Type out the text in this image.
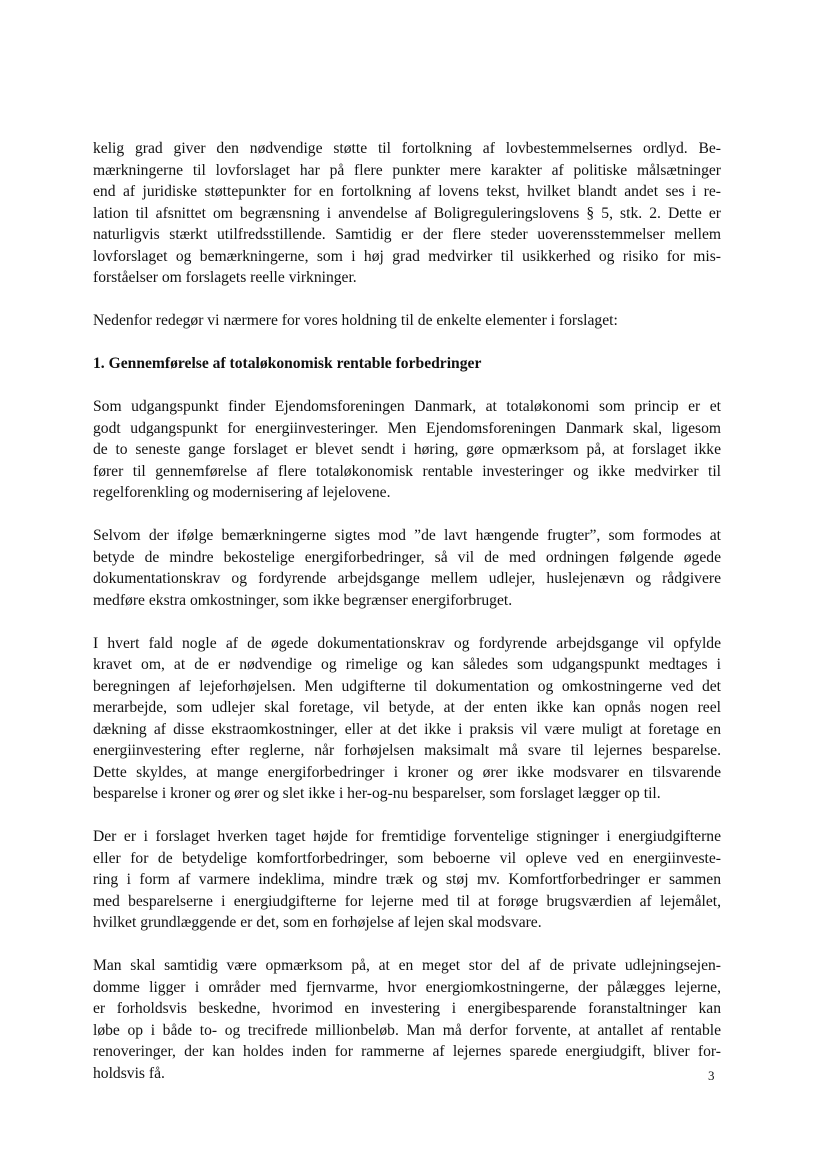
kelig grad giver den nødvendige støtte til fortolkning af lovbestemmelsernes ordlyd. Be-
mærkningerne til lovforslaget har på flere punkter mere karakter af politiske målsætninger
end af juridiske støttepunkter for en fortolkning af lovens tekst, hvilket blandt andet ses i re-
lation til afsnittet om begrænsning i anvendelse af Boligreguleringslovens § 5, stk. 2. Dette er
naturligvis stærkt utilfredsstillende. Samtidig er der flere steder uoverensstemmelser mellem
lovforslaget og bemærkningerne, som i høj grad medvirker til usikkerhed og risiko for mis-
forståelser om forslagets reelle virkninger.
Nedenfor redegør vi nærmere for vores holdning til de enkelte elementer i forslaget:
1. Gennemførelse af totaløkonomisk rentable forbedringer
Som udgangspunkt finder Ejendomsforeningen Danmark, at totaløkonomi som princip er et
godt udgangspunkt for energiinvesteringer. Men Ejendomsforeningen Danmark skal, ligesom
de to seneste gange forslaget er blevet sendt i høring, gøre opmærksom på, at forslaget ikke
fører til gennemførelse af flere totaløkonomisk rentable investeringer og ikke medvirker til
regelforenkling og modernisering af lejelovene.
Selvom der ifølge bemærkningerne sigtes mod ”de lavt hængende frugter”, som formodes at
betyde de mindre bekostelige energiforbedringer, så vil de med ordningen følgende øgede
dokumentationskrav og fordyrende arbejdsgange mellem udlejer, huslejenævn og rådgivere
medføre ekstra omkostninger, som ikke begrænser energiforbruget.
I hvert fald nogle af de øgede dokumentationskrav og fordyrende arbejdsgange vil opfylde
kravet om, at de er nødvendige og rimelige og kan således som udgangspunkt medtages i
beregningen af lejeforhøjelsen. Men udgifterne til dokumentation og omkostningerne ved det
merarbejde, som udlejer skal foretage, vil betyde, at der enten ikke kan opnås nogen reel
dækning af disse ekstraomkostninger, eller at det ikke i praksis vil være muligt at foretage en
energiinvestering efter reglerne, når forhøjelsen maksimalt må svare til lejernes besparelse.
Dette skyldes, at mange energiforbedringer i kroner og ører ikke modsvarer en tilsvarende
besparelse i kroner og ører og slet ikke i her-og-nu besparelser, som forslaget lægger op til.
Der er i forslaget hverken taget højde for fremtidige forventelige stigninger i energiudgifterne
eller for de betydelige komfortforbedringer, som beboerne vil opleve ved en energiinveste-
ring i form af varmere indeklima, mindre træk og støj mv. Komfortforbedringer er sammen
med besparelserne i energiudgifterne for lejerne med til at forøge brugsværdien af lejemålet,
hvilket grundlæggende er det, som en forhøjelse af lejen skal modsvare.
Man skal samtidig være opmærksom på, at en meget stor del af de private udlejningsejen-
domme ligger i områder med fjernvarme, hvor energiomkostningerne, der pålægges lejerne,
er forholdsvis beskedne, hvorimod en investering i energibesparende foranstaltninger kan
løbe op i både to- og trecifrede millionbeløb. Man må derfor forvente, at antallet af rentable
renoveringer, der kan holdes inden for rammerne af lejernes sparede energiudgift, bliver for-
holdsvis få.	3
